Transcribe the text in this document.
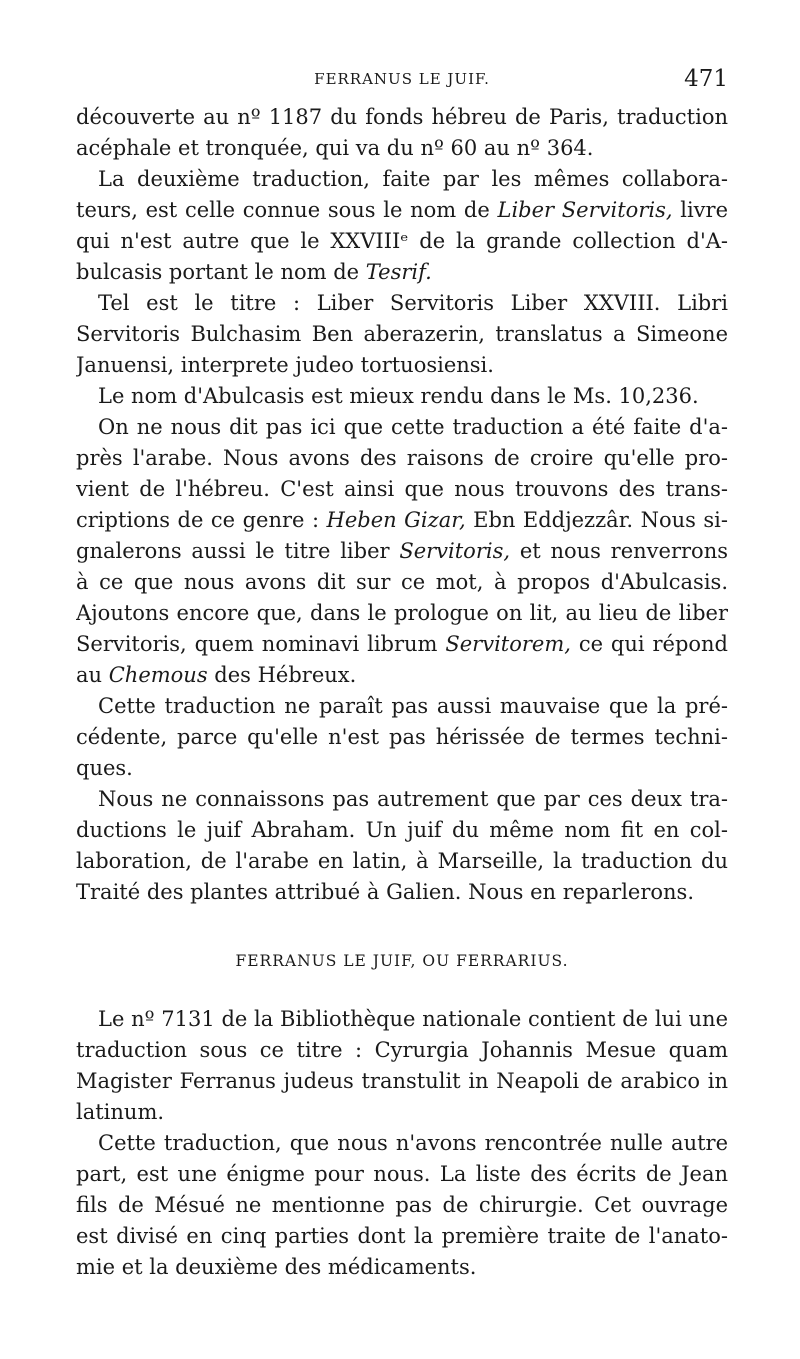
FERRANUS LE JUIF.	471
découverte au nº 1187 du fonds hébreu de Paris, traduction
acéphale et tronquée, qui va du nº 60 au nº 364.
La deuxième traduction, faite par les mêmes collabora-
teurs, est celle connue sous le nom de Liber Servitoris, livre
qui n'est autre que le XXVIIIᵉ de la grande collection d'A-
bulcasis portant le nom de Tesrif.
Tel est le titre : Liber Servitoris Liber XXVIII. Libri
Servitoris Bulchasim Ben aberazerin, translatus a Simeone
Januensi, interprete judeo tortuosiensi.
Le nom d'Abulcasis est mieux rendu dans le Ms. 10,236.
On ne nous dit pas ici que cette traduction a été faite d'a-
près l'arabe. Nous avons des raisons de croire qu'elle pro-
vient de l'hébreu. C'est ainsi que nous trouvons des trans-
criptions de ce genre : Heben Gizar, Ebn Eddjezzâr. Nous si-
gnalerons aussi le titre liber Servitoris, et nous renverrons
à ce que nous avons dit sur ce mot, à propos d'Abulcasis.
Ajoutons encore que, dans le prologue on lit, au lieu de liber
Servitoris, quem nominavi librum Servitorem, ce qui répond
au Chemous des Hébreux.
Cette traduction ne paraît pas aussi mauvaise que la pré-
cédente, parce qu'elle n'est pas hérissée de termes techni-
ques.
Nous ne connaissons pas autrement que par ces deux tra-
ductions le juif Abraham. Un juif du même nom fit en col-
laboration, de l'arabe en latin, à Marseille, la traduction du
Traité des plantes attribué à Galien. Nous en reparlerons.
FERRANUS LE JUIF, OU FERRARIUS.
Le nº 7131 de la Bibliothèque nationale contient de lui une
traduction sous ce titre : Cyrurgia Johannis Mesue quam
Magister Ferranus judeus transtulit in Neapoli de arabico in
latinum.
Cette traduction, que nous n'avons rencontrée nulle autre
part, est une énigme pour nous. La liste des écrits de Jean
fils de Mésué ne mentionne pas de chirurgie. Cet ouvrage
est divisé en cinq parties dont la première traite de l'anato-
mie et la deuxième des médicaments.
